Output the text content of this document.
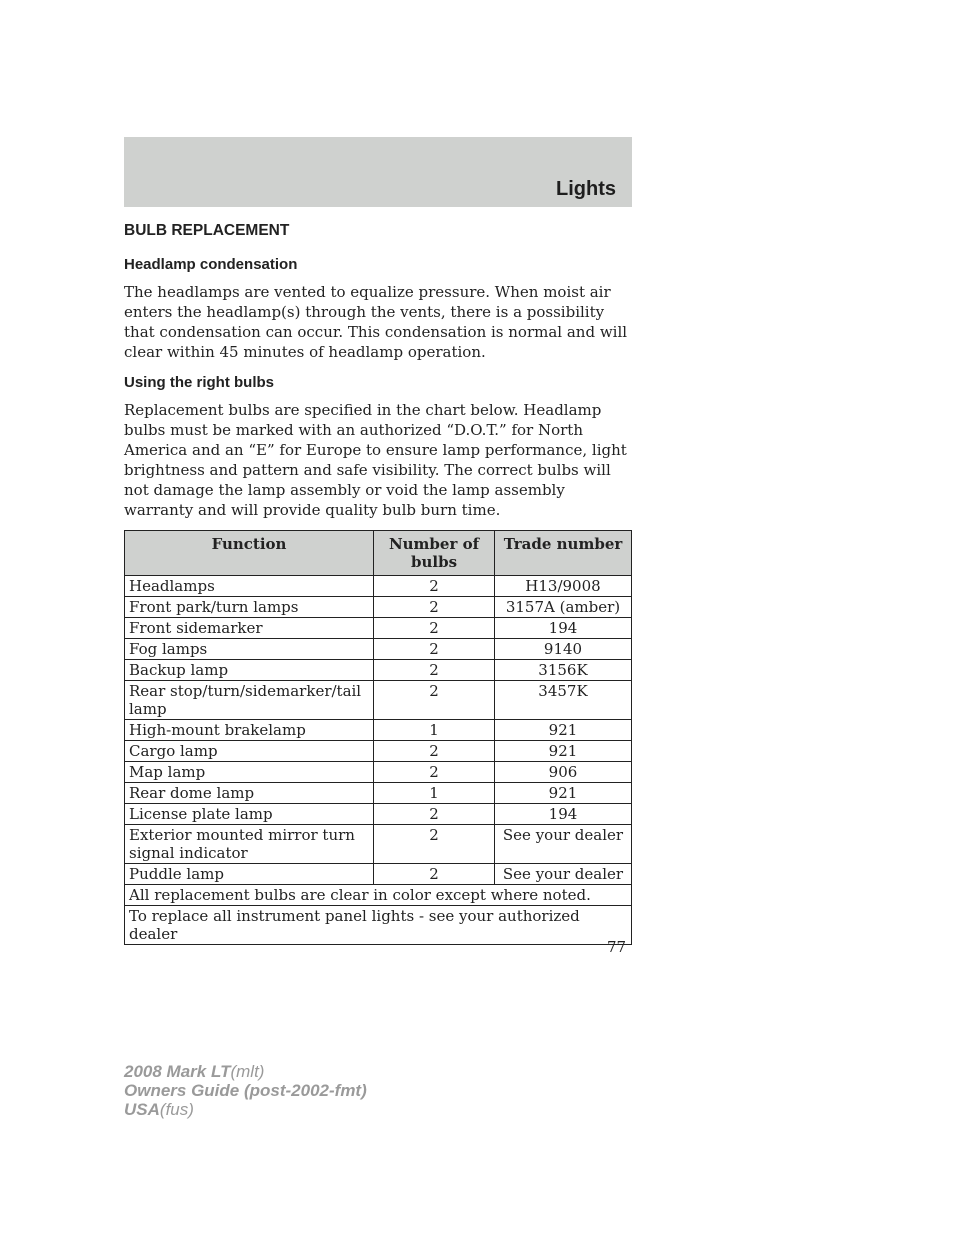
Lights
BULB REPLACEMENT
Headlamp condensation

The headlamps are vented to equalize pressure. When moist air enters the headlamp(s) through the vents, there is a possibility that condensation can occur. This condensation is normal and will clear within 45 minutes of headlamp operation.

Using the right bulbs

Replacement bulbs are specified in the chart below. Headlamp bulbs must be marked with an authorized “D.O.T.” for North America and an “E” for Europe to ensure lamp performance, light brightness and pattern and safe visibility. The correct bulbs will not damage the lamp assembly or void the lamp assembly warranty and will provide quality bulb burn time.

Function	Number of bulbs	Trade number
Headlamps	2	H13/9008
Front park/turn lamps	2	3157A (amber)
Front sidemarker	2	194
Fog lamps	2	9140
Backup lamp	2	3156K
Rear stop/turn/sidemarker/tail lamp	2	3457K
High-mount brakelamp	1	921
Cargo lamp	2	921
Map lamp	2	906
Rear dome lamp	1	921
License plate lamp	2	194
Exterior mounted mirror turn signal indicator	2	See your dealer
Puddle lamp	2	See your dealer
All replacement bulbs are clear in color except where noted.		
To replace all instrument panel lights - see your authorized dealer		
77
2008 Mark LT(mlt)
Owners Guide (post-2002-fmt)
USA(fus)
